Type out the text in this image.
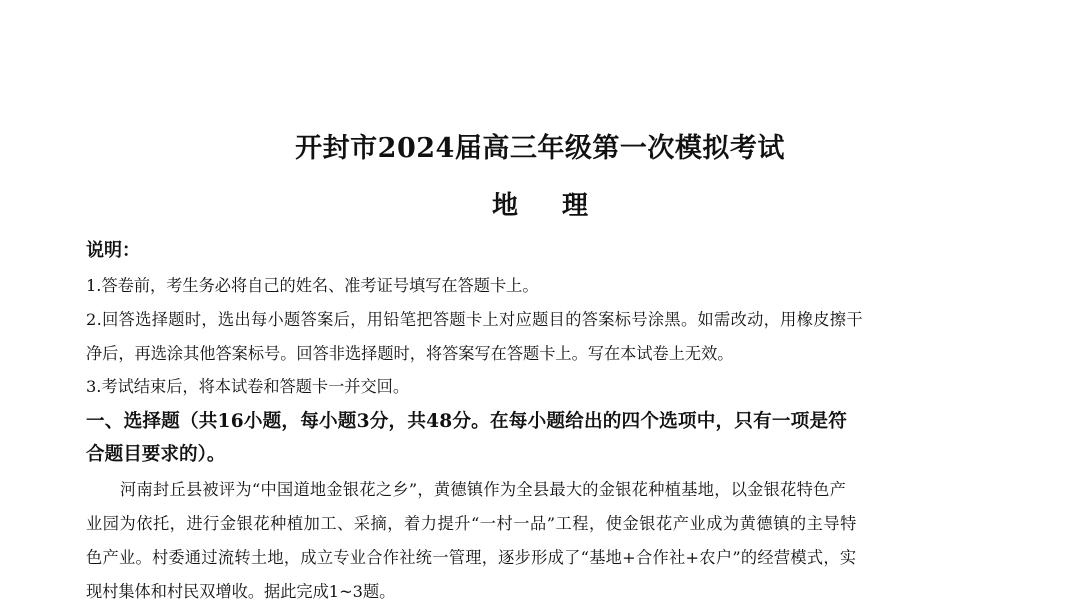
开封市2024届高三年级第一次模拟考试
地理

说明：

1.答卷前，考生务必将自己的姓名、准考证号填写在答题卡上。

2.回答选择题时，选出每小题答案后，用铅笔把答题卡上对应题目的答案标号涂黑。如需改动，用橡皮擦干

净后，再选涂其他答案标号。回答非选择题时，将答案写在答题卡上。写在本试卷上无效。

3.考试结束后，将本试卷和答题卡一并交回。

一、选择题（共16小题，每小题3分，共48分。在每小题给出的四个选项中，只有一项是符

合题目要求的）。

河南封丘县被评为“中国道地金银花之乡”，黄德镇作为全县最大的金银花种植基地，以金银花特色产

业园为依托，进行金银花种植加工、采摘，着力提升“一村一品”工程，使金银花产业成为黄德镇的主导特

色产业。村委通过流转土地，成立专业合作社统一管理，逐步形成了“基地+合作社+农户”的经营模式，实

现村集体和村民双增收。据此完成1~3题。
